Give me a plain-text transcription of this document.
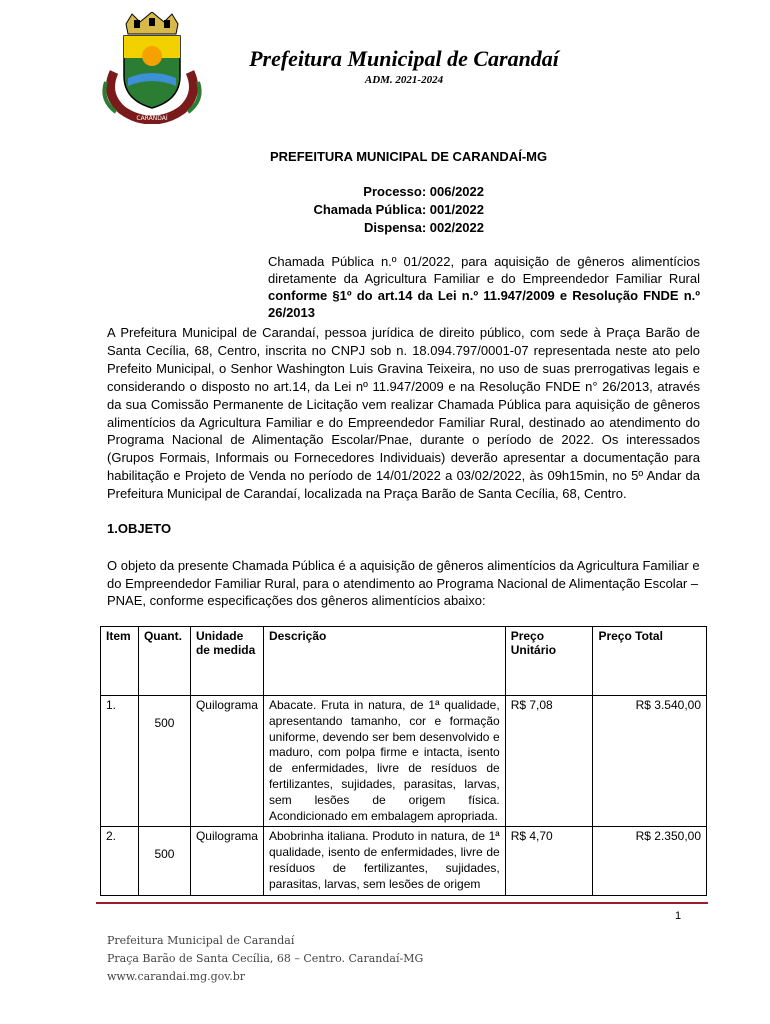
CARANDAÍ
Prefeitura Municipal de Carandaí
ADM. 2021-2024
PREFEITURA MUNICIPAL DE CARANDAÍ-MG
Processo: 006/2022
Chamada Pública: 001/2022
Dispensa: 002/2022
Chamada Pública n.º 01/2022, para aquisição de gêneros alimentícios diretamente da Agricultura Familiar e do Empreendedor Familiar Rural conforme §1º do art.14 da Lei n.º 11.947/2009 e Resolução FNDE n.º 26/2013
A Prefeitura Municipal de Carandaí, pessoa jurídica de direito público, com sede à Praça Barão de Santa Cecília, 68, Centro, inscrita no CNPJ sob n. 18.094.797/0001-07 representada neste ato pelo Prefeito Municipal, o Senhor Washington Luis Gravina Teixeira, no uso de suas prerrogativas legais e considerando o disposto no art.14, da Lei nº 11.947/2009 e na Resolução FNDE n° 26/2013, através da sua Comissão Permanente de Licitação vem realizar Chamada Pública para aquisição de gêneros alimentícios da Agricultura Familiar e do Empreendedor Familiar Rural, destinado ao atendimento do Programa Nacional de Alimentação Escolar/Pnae, durante o período de 2022. Os interessados (Grupos Formais, Informais ou Fornecedores Individuais) deverão apresentar a documentação para habilitação e Projeto de Venda no período de 14/01/2022 a 03/02/2022, às 09h15min, no 5º Andar da Prefeitura Municipal de Carandaí, localizada na Praça Barão de Santa Cecília, 68, Centro.
1.OBJETO
O objeto da presente Chamada Pública é a aquisição de gêneros alimentícios da Agricultura Familiar e do Empreendedor Familiar Rural, para o atendimento ao Programa Nacional de Alimentação Escolar – PNAE, conforme especificações dos gêneros alimentícios abaixo:
Item	Quant.	Unidade de medida	Descrição	Preço Unitário	Preço Total
1.	500	Quilograma	Abacate. Fruta in natura, de 1ª qualidade, apresentando tamanho, cor e formação uniforme, devendo ser bem desenvolvido e maduro, com polpa firme e intacta, isento de enfermidades, livre de resíduos de fertilizantes, sujidades, parasitas, larvas, sem lesões de origem física. Acondicionado em embalagem apropriada.	R$ 7,08	R$ 3.540,00
2.	500	Quilograma	Abobrinha italiana. Produto in natura, de 1ª qualidade, isento de enfermidades, livre de resíduos de fertilizantes, sujidades, parasitas, larvas, sem lesões de origem	R$ 4,70	R$ 2.350,00
1
Prefeitura Municipal de Carandaí
Praça Barão de Santa Cecília, 68 – Centro. Carandaí-MG
www.carandai.mg.gov.br
